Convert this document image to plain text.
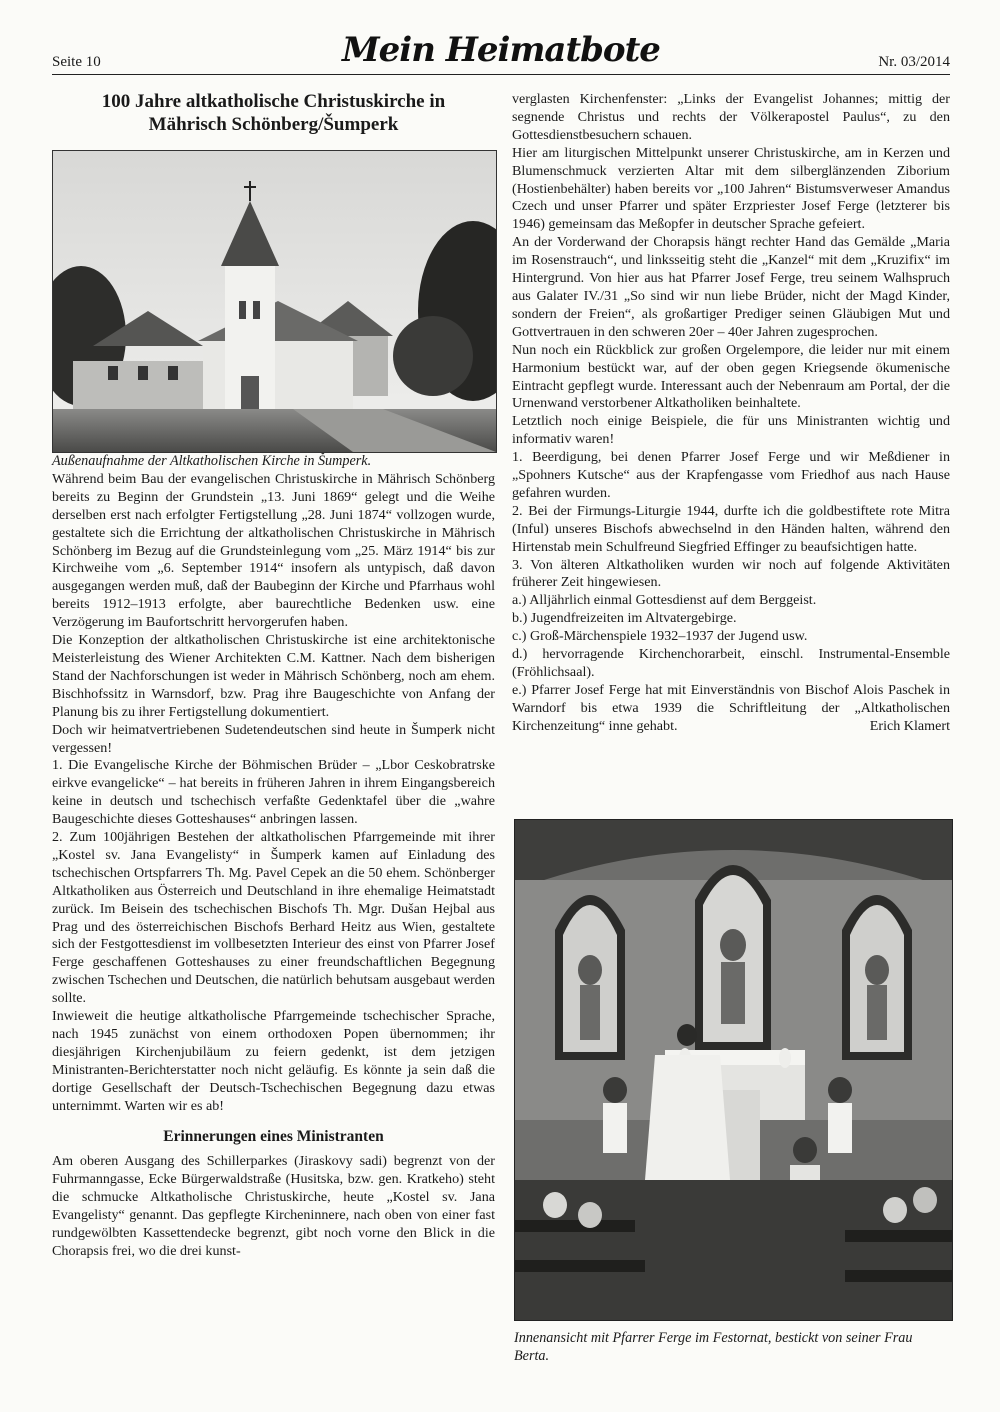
Seite 10	Mein Heimatbote	Nr. 03/2014
100 Jahre altkatholische Christuskirche in
Mährisch Schönberg/Šumperk

Außenaufnahme der Altkatholischen Kirche in Šumperk.

Während beim Bau der evangelischen Christuskirche in Mährisch Schönberg bereits zu Beginn der Grundstein „13. Juni 1869“ gelegt und die Weihe derselben erst nach erfolgter Fertigstellung „28. Juni 1874“ vollzogen wurde, gestaltete sich die Errichtung der altkatholischen Christuskirche in Mährisch Schönberg im Bezug auf die Grundsteinlegung vom „25. März 1914“ bis zur Kirchweihe vom „6. September 1914“ insofern als untypisch, daß davon ausgegangen werden muß, daß der Baubeginn der Kirche und Pfarrhaus wohl bereits 1912–1913 erfolgte, aber baurechtliche Bedenken usw. eine Verzögerung im Baufortschritt hervorgerufen haben.

Die Konzeption der altkatholischen Christuskirche ist eine architektonische Meisterleistung des Wiener Architekten C.M. Kattner. Nach dem bisherigen Stand der Nachforschungen ist weder in Mährisch Schönberg, noch am ehem. Bischhofssitz in Warnsdorf, bzw. Prag ihre Baugeschichte von Anfang der Planung bis zu ihrer Fertigstellung dokumentiert.

Doch wir heimatvertriebenen Sudetendeutschen sind heute in Šumperk nicht vergessen!

1. Die Evangelische Kirche der Böhmischen Brüder – „Lbor Ceskobratrske eirkve evangelicke“ – hat bereits in früheren Jahren in ihrem Eingangsbereich keine in deutsch und tschechisch verfaßte Gedenktafel über die „wahre Baugeschichte dieses Gotteshauses“ anbringen lassen.

2. Zum 100jährigen Bestehen der altkatholischen Pfarrgemeinde mit ihrer „Kostel sv. Jana Evangelisty“ in Šumperk kamen auf Einladung des tschechischen Ortspfarrers Th. Mg. Pavel Cepek an die 50 ehem. Schönberger Altkatholiken aus Österreich und Deutschland in ihre ehemalige Heimatstadt zurück. Im Beisein des tschechischen Bischofs Th. Mgr. Dušan Hejbal aus Prag und des österreichischen Bischofs Berhard Heitz aus Wien, gestaltete sich der Festgottesdienst im vollbesetzten Interieur des einst von Pfarrer Josef Ferge geschaffenen Gotteshauses zu einer freundschaftlichen Begegnung zwischen Tschechen und Deutschen, die natürlich behutsam ausgebaut werden sollte.

Inwieweit die heutige altkatholische Pfarrgemeinde tschechischer Sprache, nach 1945 zunächst von einem orthodoxen Popen übernommen; ihr diesjährigen Kirchenjubiläum zu feiern gedenkt, ist dem jetzigen Ministranten-Berichterstatter noch nicht geläufig. Es könnte ja sein daß die dortige Gesellschaft der Deutsch-Tschechischen Begegnung dazu etwas unternimmt. Warten wir es ab!

Erinnerungen eines Ministranten

Am oberen Ausgang des Schillerparkes (Jiraskovy sadi) begrenzt von der Fuhrmanngasse, Ecke Bürgerwaldstraße (Husitska, bzw. gen. Kratkeho) steht die schmucke Altkatholische Christuskirche, heute „Kostel sv. Jana Evangelisty“ genannt. Das gepflegte Kircheninnere, nach oben von einer fast rundgewölbten Kassettendecke begrenzt, gibt noch vorne den Blick in die Chorapsis frei, wo die drei kunst-

verglasten Kirchenfenster: „Links der Evangelist Johannes; mittig der segnende Christus und rechts der Völkerapostel Paulus“, zu den Gottesdienstbesuchern schauen.

Hier am liturgischen Mittelpunkt unserer Christuskirche, am in Kerzen und Blumenschmuck verzierten Altar mit dem silberglänzenden Ziborium (Hostienbehälter) haben bereits vor „100 Jahren“ Bistumsverweser Amandus Czech und unser Pfarrer und später Erzpriester Josef Ferge (letzterer bis 1946) gemeinsam das Meßopfer in deutscher Sprache gefeiert.

An der Vorderwand der Chorapsis hängt rechter Hand das Gemälde „Maria im Rosenstrauch“, und linksseitig steht die „Kanzel“ mit dem „Kruzifix“ im Hintergrund. Von hier aus hat Pfarrer Josef Ferge, treu seinem Walhspruch aus Galater IV./31 „So sind wir nun liebe Brüder, nicht der Magd Kinder, sondern der Freien“, als großartiger Prediger seinen Gläubigen Mut und Gottvertrauen in den schweren 20er – 40er Jahren zugesprochen.

Nun noch ein Rückblick zur großen Orgelempore, die leider nur mit einem Harmonium bestückt war, auf der oben gegen Kriegsende ökumenische Eintracht gepflegt wurde. Interessant auch der Nebenraum am Portal, der die Urnenwand verstorbener Altkatholiken beinhaltete.

Letztlich noch einige Beispiele, die für uns Ministranten wichtig und informativ waren!

1. Beerdigung, bei denen Pfarrer Josef Ferge und wir Meßdiener in „Spohners Kutsche“ aus der Krapfengasse vom Friedhof aus nach Hause gefahren wurden.

2. Bei der Firmungs-Liturgie 1944, durfte ich die goldbestiftete rote Mitra (Inful) unseres Bischofs abwechselnd in den Händen halten, während den Hirtenstab mein Schulfreund Siegfried Effinger zu beaufsichtigen hatte.

3. Von älteren Altkatholiken wurden wir noch auf folgende Aktivitäten früherer Zeit hingewiesen.

a.) Alljährlich einmal Gottesdienst auf dem Berggeist.

b.) Jugendfreizeiten im Altvatergebirge.

c.) Groß-Märchenspiele 1932–1937 der Jugend usw.

d.) hervorragende Kirchenchorarbeit, einschl. Instrumental-Ensemble (Fröhlichsaal).

e.) Pfarrer Josef Ferge hat mit Einverständnis von Bischof Alois Paschek in Warndorf bis etwa 1939 die Schriftleitung der „Altkatholischen Kirchenzeitung“ inne gehabt.	Erich Klamert

Innenansicht mit Pfarrer Ferge im Festornat, bestickt von seiner Frau Berta.
